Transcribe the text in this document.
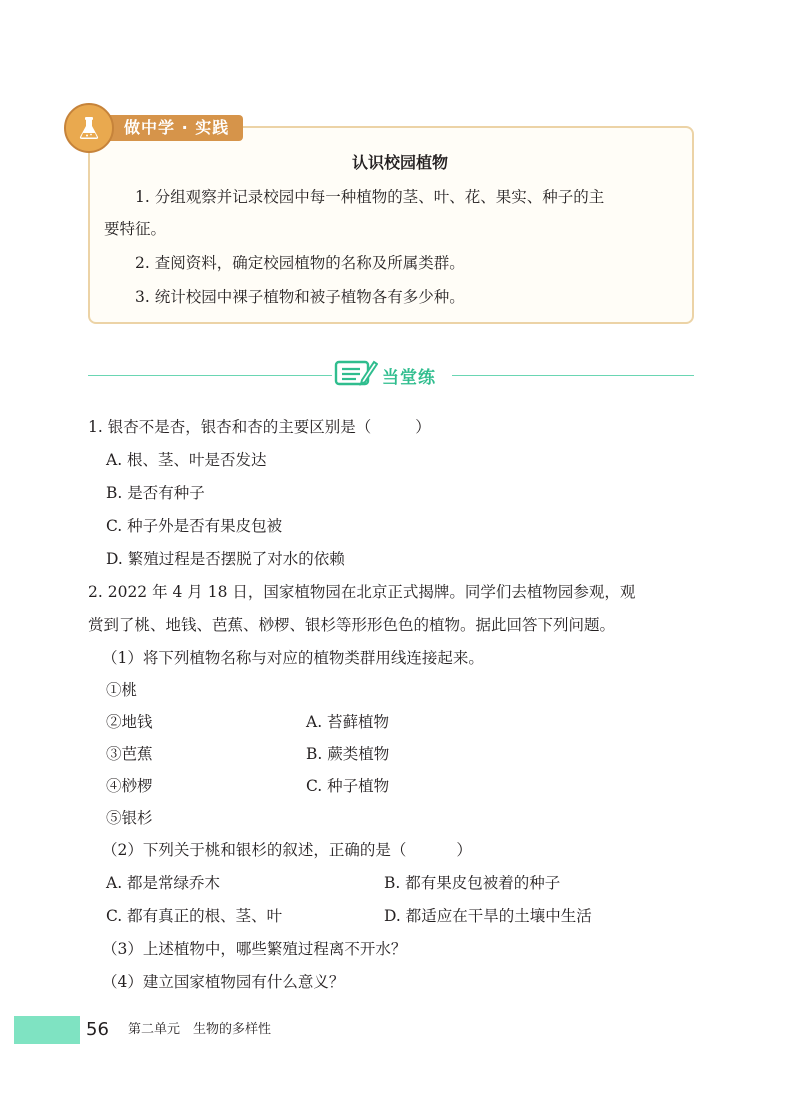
做中学 · 实践
认识校园植物
1. 分组观察并记录校园中每一种植物的茎、叶、花、果实、种子的主
要特征。
2. 查阅资料，确定校园植物的名称及所属类群。
3. 统计校园中裸子植物和被子植物各有多少种。
当堂练
1. 银杏不是杏，银杏和杏的主要区别是（	）
A. 根、茎、叶是否发达
B. 是否有种子
C. 种子外是否有果皮包被
D. 繁殖过程是否摆脱了对水的依赖
2. 2022 年 4 月 18 日，国家植物园在北京正式揭牌。同学们去植物园参观，观
赏到了桃、地钱、芭蕉、桫椤、银杉等形形色色的植物。据此回答下列问题。
（1）将下列植物名称与对应的植物类群用线连接起来。
①桃
②地钱
③芭蕉
④桫椤
⑤银杉
A. 苔藓植物
B. 蕨类植物
C. 种子植物
（2）下列关于桃和银杉的叙述，正确的是（	）
A. 都是常绿乔木	B. 都有果皮包被着的种子
C. 都有真正的根、茎、叶	D. 都适应在干旱的土壤中生活
（3）上述植物中，哪些繁殖过程离不开水？
（4）建立国家植物园有什么意义？
56 第二单元　生物的多样性
